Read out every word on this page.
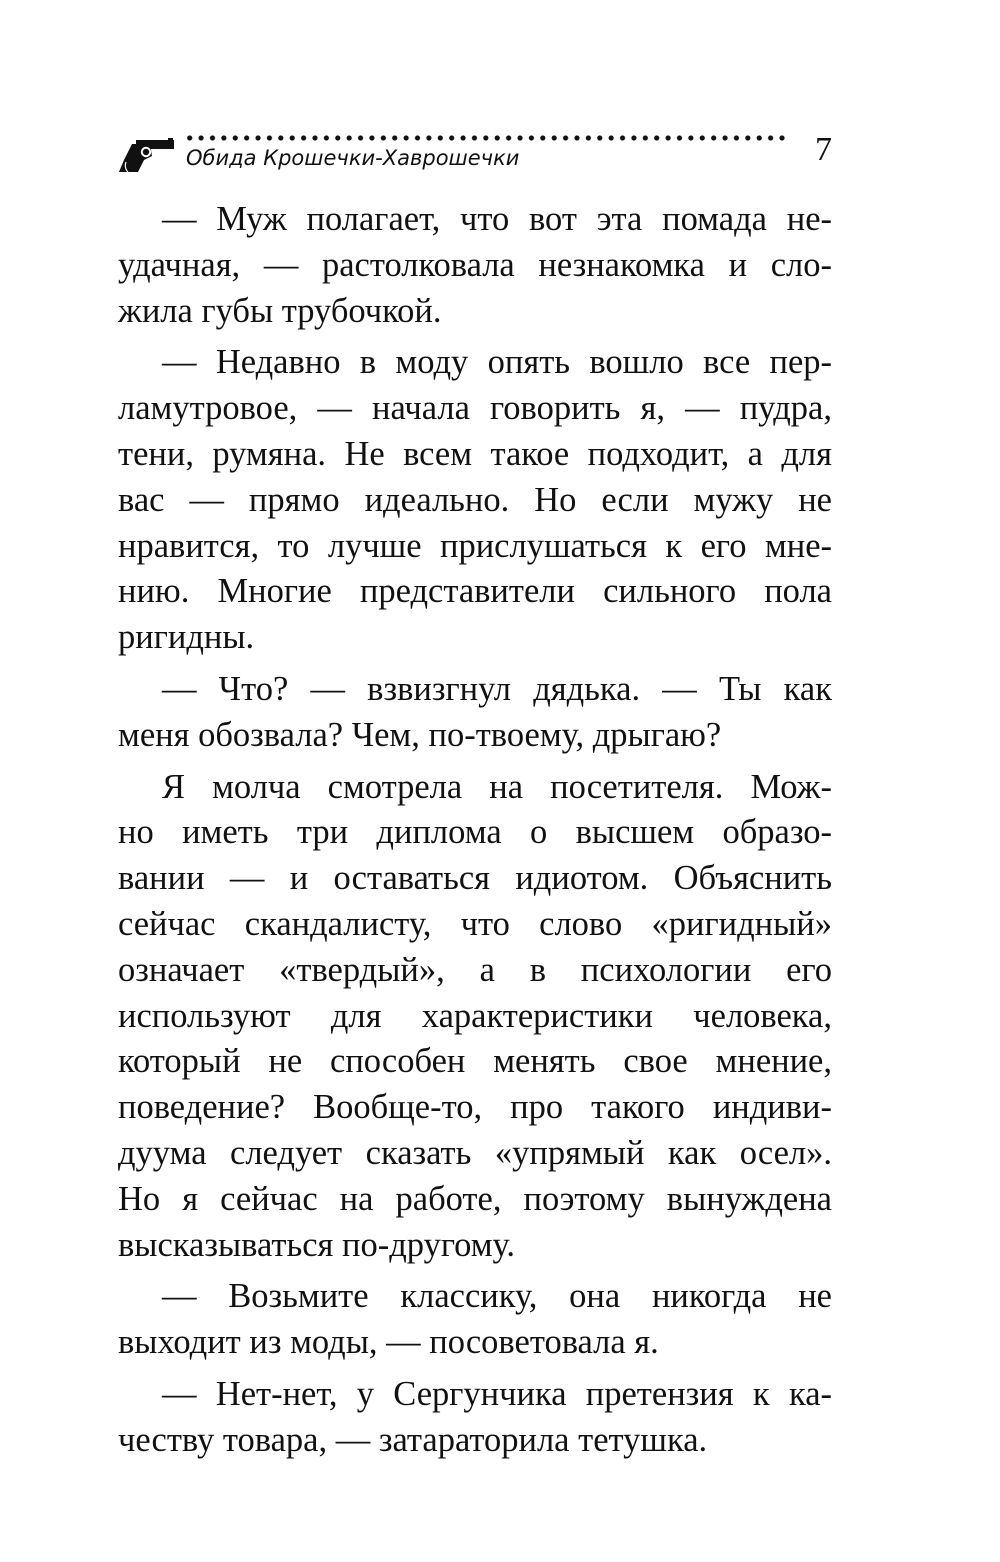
Обида Крошечки-Хаврошечки	7
— Муж полагает, что вот эта помада не-
удачная, — растолковала незнакомка и сло-
жила губы трубочкой.
— Недавно в моду опять вошло все пер-
ламутровое, — начала говорить я, — пудра,
тени, румяна. Не всем такое подходит, а для
вас — прямо идеально. Но если мужу не
нравится, то лучше прислушаться к его мне-
нию. Многие представители сильного пола
ригидны.
— Что? — взвизгнул дядька. — Ты как
меня обозвала? Чем, по-твоему, дрыгаю?
Я молча смотрела на посетителя. Мож-
но иметь три диплома о высшем образо-
вании — и оставаться идиотом. Объяснить
сейчас скандалисту, что слово «ригидный»
означает «твердый», а в психологии его
используют для характеристики человека,
который не способен менять свое мнение,
поведение? Вообще-то, про такого индиви-
дуума следует сказать «упрямый как осел».
Но я сейчас на работе, поэтому вынуждена
высказываться по-другому.
— Возьмите классику, она никогда не
выходит из моды, — посоветовала я.
— Нет-нет, у Сергунчика претензия к ка-
честву товара, — затараторила тетушка.
